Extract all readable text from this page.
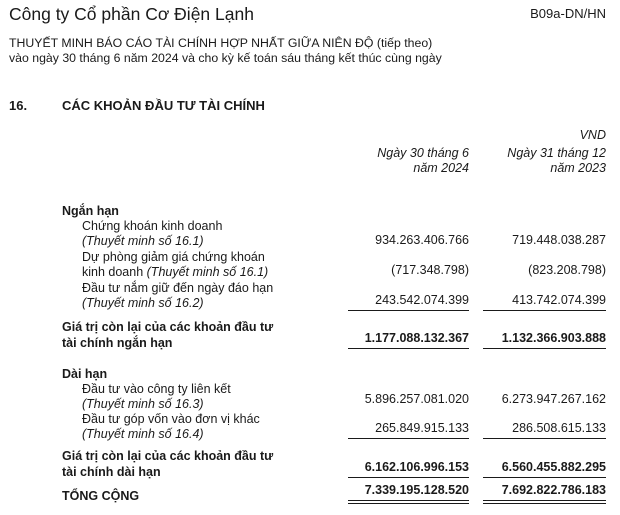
Công ty Cổ phần Cơ Điện Lạnh	B09a-DN/HN
THUYẾT MINH BÁO CÁO TÀI CHÍNH HỢP NHẤT GIỮA NIÊN ĐỘ (tiếp theo)
vào ngày 30 tháng 6 năm 2024 và cho kỳ kế toán sáu tháng kết thúc cùng ngày
16.	CÁC KHOẢN ĐẦU TƯ TÀI CHÍNH
VND
Ngày 30 tháng 6
năm 2024
Ngày 31 tháng 12
năm 2023
Ngắn hạn
Chứng khoán kinh doanh
(Thuyết minh số 16.1)	934.263.406.766	719.448.038.287
Dự phòng giảm giá chứng khoán
kinh doanh (Thuyết minh số 16.1)	(717.348.798)	(823.208.798)
Đầu tư nắm giữ đến ngày đáo hạn
(Thuyết minh số 16.2)	243.542.074.399	413.742.074.399
Giá trị còn lại của các khoản đầu tư
tài chính ngắn hạn	1.177.088.132.367	1.132.366.903.888
Dài hạn
Đầu tư vào công ty liên kết
(Thuyết minh số 16.3)	5.896.257.081.020	6.273.947.267.162
Đầu tư góp vốn vào đơn vị khác
(Thuyết minh số 16.4)	265.849.915.133	286.508.615.133
Giá trị còn lại của các khoản đầu tư
tài chính dài hạn	6.162.106.996.153	6.560.455.882.295
TỔNG CỘNG	7.339.195.128.520	7.692.822.786.183
